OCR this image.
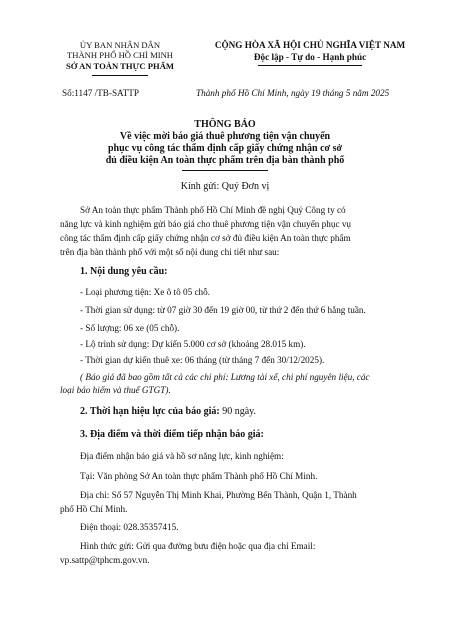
ỦY BAN NHÂN DÂN
THÀNH PHỐ HỒ CHÍ MINH
SỞ AN TOÀN THỰC PHẨM
Số:1147 /TB-SATTP
CỘNG HÒA XÃ HỘI CHỦ NGHĨA VIỆT NAM
Độc lập - Tự do - Hạnh phúc
Thành phố Hồ Chí Minh, ngày 19 tháng 5 năm 2025
THÔNG BÁO
Về việc mời báo giá thuê phương tiện vận chuyển
phục vụ công tác thẩm định cấp giấy chứng nhận cơ sở
đủ điều kiện An toàn thực phẩm trên địa bàn thành phố
Kính gửi: Quý Đơn vị
Sở An toàn thực phẩm Thành phố Hồ Chí Minh đề nghị Quý Công ty có
năng lực và kinh nghiệm gửi báo giá cho thuê phương tiện vận chuyển phục vụ
công tác thẩm định cấp giấy chứng nhận cơ sở đủ điều kiện An toàn thực phẩm
trên địa bàn thành phố với một số nội dung chi tiết như sau:
1. Nội dung yêu cầu:
- Loại phương tiện: Xe ô tô 05 chỗ.
- Thời gian sử dụng: từ 07 giờ 30 đến 19 giờ 00, từ thứ 2 đến thứ 6 hằng tuần.
- Số lượng: 06 xe (05 chỗ).
- Lộ trình sử dụng: Dự kiến 5.000 cơ sở (khoảng 28.015 km).
- Thời gian dự kiến thuê xe: 06 tháng (từ tháng 7 đến 30/12/2025).
( Báo giá đã bao gồm tất cả các chi phí: Lương tài xế, chi phí nguyên liệu, các
loại bảo hiểm và thuế GTGT).
2. Thời hạn hiệu lực của báo giá: 90 ngày.
3. Địa điểm và thời điểm tiếp nhận báo giá:
Địa điểm nhận báo giá và hồ sơ năng lực, kinh nghiệm:
Tại: Văn phòng Sở An toàn thực phẩm Thành phố Hồ Chí Minh.
Địa chỉ: Số 57 Nguyễn Thị Minh Khai, Phường Bến Thành, Quận 1, Thành
phố Hồ Chí Minh.
Điện thoại: 028.35357415.
Hình thức gửi: Gửi qua đường bưu điện hoặc qua địa chỉ Email:
vp.sattp@tphcm.gov.vn.
